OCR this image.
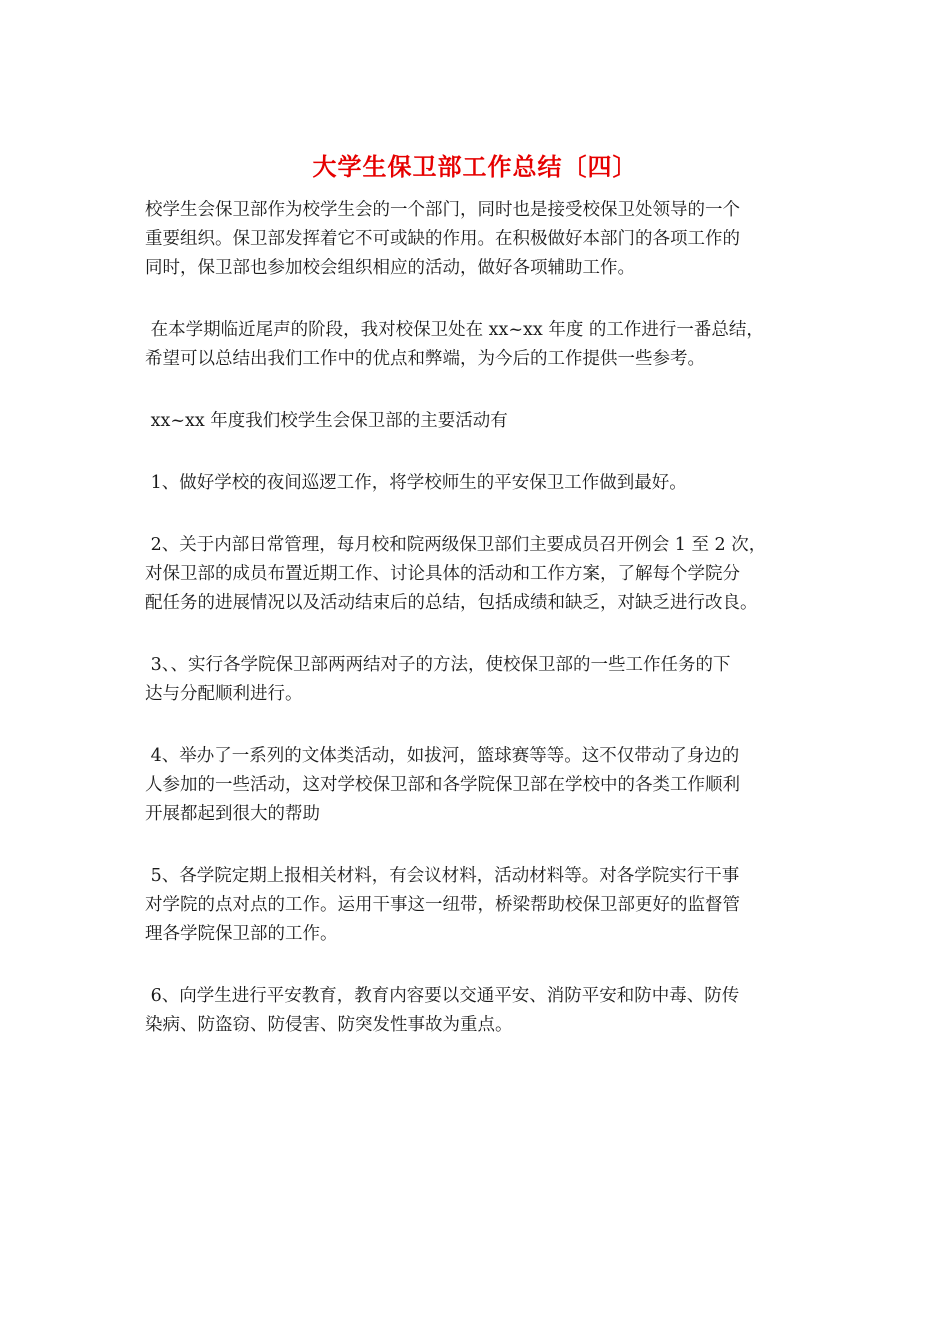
大学生保卫部工作总结〔四〕

校学生会保卫部作为校学生会的一个部门，同时也是接受校保卫处领导的一个

重要组织。保卫部发挥着它不可或缺的作用。在积极做好本部门的各项工作的

同时，保卫部也参加校会组织相应的活动，做好各项辅助工作。

在本学期临近尾声的阶段，我对校保卫处在 xx~xx 年度 的工作进行一番总结，

希望可以总结出我们工作中的优点和弊端，为今后的工作提供一些参考。

xx~xx 年度我们校学生会保卫部的主要活动有

1、做好学校的夜间巡逻工作，将学校师生的平安保卫工作做到最好。

2、关于内部日常管理，每月校和院两级保卫部们主要成员召开例会 1 至 2 次，

对保卫部的成员布置近期工作、讨论具体的活动和工作方案，了解每个学院分

配任务的进展情况以及活动结束后的总结，包括成绩和缺乏，对缺乏进行改良。

3、、实行各学院保卫部两两结对子的方法，使校保卫部的一些工作任务的下

达与分配顺利进行。

4、举办了一系列的文体类活动，如拔河，篮球赛等等。这不仅带动了身边的

人参加的一些活动，这对学校保卫部和各学院保卫部在学校中的各类工作顺利

开展都起到很大的帮助

5、各学院定期上报相关材料，有会议材料，活动材料等。对各学院实行干事

对学院的点对点的工作。运用干事这一纽带，桥梁帮助校保卫部更好的监督管

理各学院保卫部的工作。

6、向学生进行平安教育，教育内容要以交通平安、消防平安和防中毒、防传

染病、防盗窃、防侵害、防突发性事故为重点。
